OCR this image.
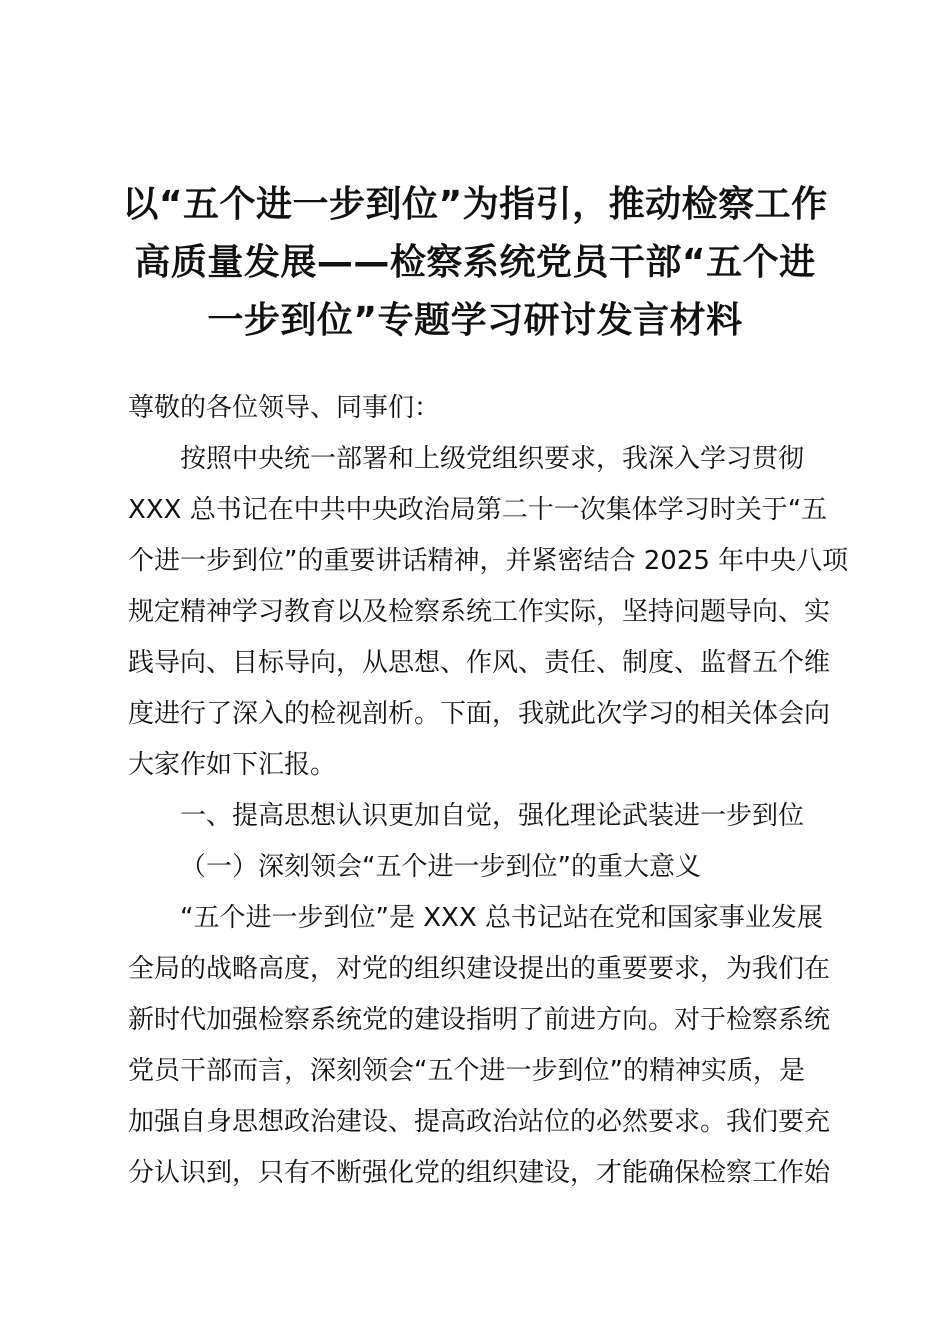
以“五个进一步到位”为指引，推动检察工作
高质量发展——检察系统党员干部“五个进
一步到位”专题学习研讨发言材料
尊敬的各位领导、同事们：
按照中央统一部署和上级党组织要求，我深入学习贯彻
XXX 总书记在中共中央政治局第二十一次集体学习时关于“五
个进一步到位”的重要讲话精神，并紧密结合 2025 年中央八项
规定精神学习教育以及检察系统工作实际，坚持问题导向、实
践导向、目标导向，从思想、作风、责任、制度、监督五个维
度进行了深入的检视剖析。下面，我就此次学习的相关体会向
大家作如下汇报。
一、提高思想认识更加自觉，强化理论武装进一步到位
（一）深刻领会“五个进一步到位”的重大意义
“五个进一步到位”是 XXX 总书记站在党和国家事业发展
全局的战略高度，对党的组织建设提出的重要要求，为我们在
新时代加强检察系统党的建设指明了前进方向。对于检察系统
党员干部而言，深刻领会“五个进一步到位”的精神实质，是
加强自身思想政治建设、提高政治站位的必然要求。我们要充
分认识到，只有不断强化党的组织建设，才能确保检察工作始
